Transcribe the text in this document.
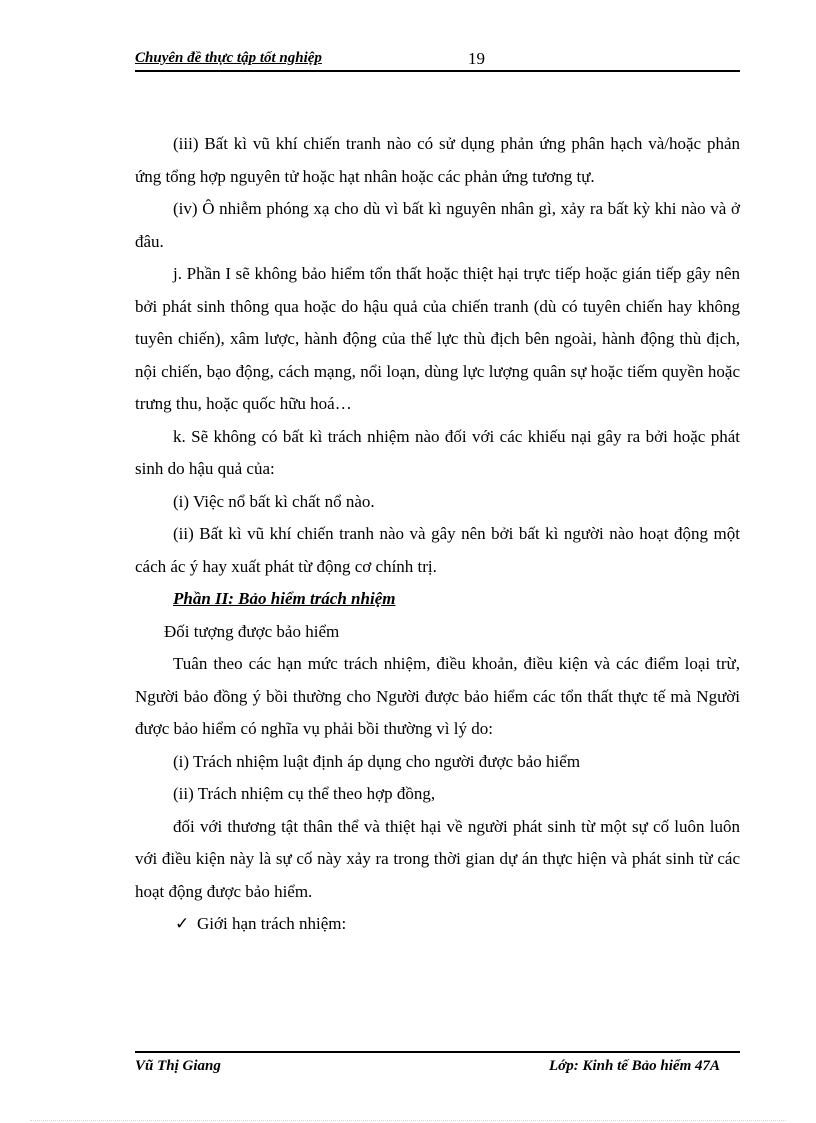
Chuyên đề thực tập tốt nghiệp	19

(iii) Bất kì vũ khí chiến tranh nào có sử dụng phản ứng phân hạch và/hoặc phản ứng tổng hợp nguyên tử hoặc hạt nhân hoặc các phản ứng tương tự.

(iv) Ô nhiễm phóng xạ cho dù vì bất kì nguyên nhân gì, xảy ra bất kỳ khi nào và ở đâu.

j. Phần I sẽ không bảo hiểm tổn thất hoặc thiệt hại trực tiếp hoặc gián tiếp gây nên bởi phát sinh thông qua hoặc do hậu quả của chiến tranh (dù có tuyên chiến hay không tuyên chiến), xâm lược, hành động của thế lực thù địch bên ngoài, hành động thù địch, nội chiến, bạo động, cách mạng, nổi loạn, dùng lực lượng quân sự hoặc tiếm quyền hoặc trưng thu, hoặc quốc hữu hoá…

k. Sẽ không có bất kì trách nhiệm nào đối với các khiếu nại gây ra bởi hoặc phát sinh do hậu quả của:

(i) Việc nổ bất kì chất nổ nào.

(ii) Bất kì vũ khí chiến tranh nào và gây nên bởi bất kì người nào hoạt động một cách ác ý hay xuất phát từ động cơ chính trị.

Phần II: Bảo hiểm trách nhiệm

Đối tượng được bảo hiểm

Tuân theo các hạn mức trách nhiệm, điều khoản, điều kiện và các điểm loại trừ, Người bảo đồng ý bồi thường cho Người được bảo hiểm các tổn thất thực tế mà Người được bảo hiểm có nghĩa vụ phải bồi thường vì lý do:

(i) Trách nhiệm luật định áp dụng cho người được bảo hiểm

(ii) Trách nhiệm cụ thể theo hợp đồng,

đối với thương tật thân thể và thiệt hại về người phát sinh từ một sự cố luôn luôn với điều kiện này là sự cố này xảy ra trong thời gian dự án thực hiện và phát sinh từ các hoạt động được bảo hiểm.

✓ Giới hạn trách nhiệm:

Vũ Thị Giang	Lớp: Kinh tế Bảo hiểm 47A
